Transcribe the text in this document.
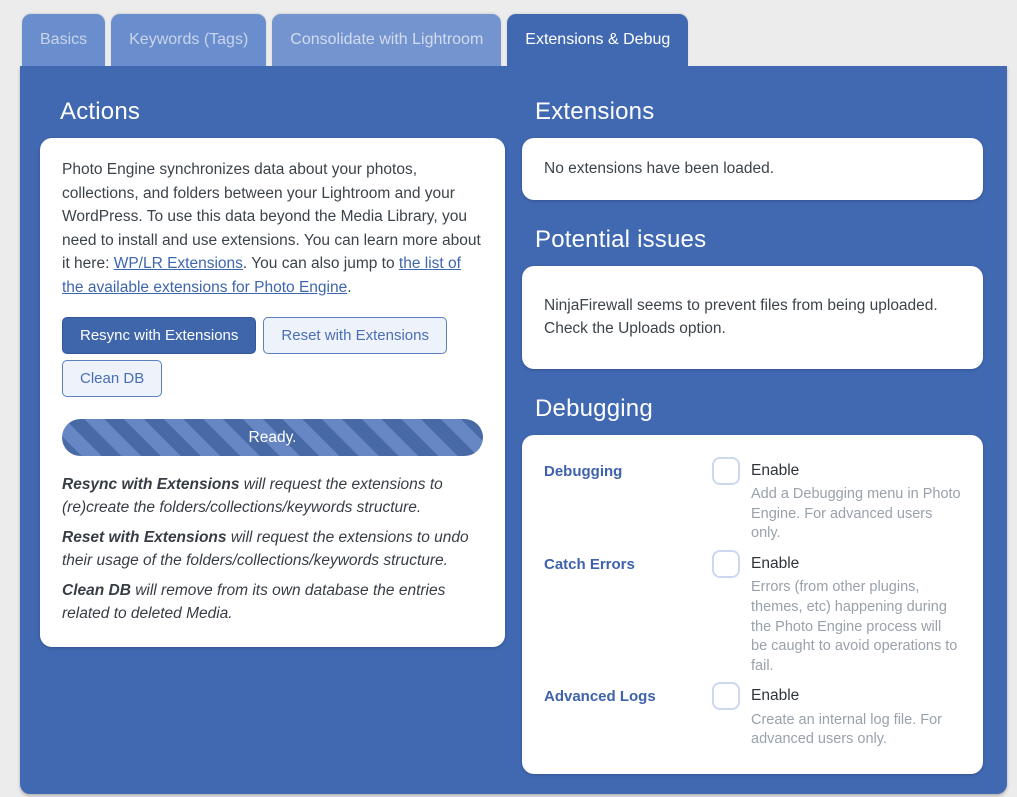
Basics	Keywords (Tags)	Consolidate with Lightroom	Extensions & Debug
Actions

Photo Engine synchronizes data about your photos, collections, and folders between your Lightroom and your WordPress. To use this data beyond the Media Library, you need to install and use extensions. You can learn more about it here: WP/LR Extensions. You can also jump to the list of the available extensions for Photo Engine.

Resync with Extensions	Reset with Extensions
Clean DB
Ready.

Resync with Extensions will request the extensions to (re)create the folders/collections/keywords structure.

Reset with Extensions will request the extensions to undo their usage of the folders/collections/keywords structure.

Clean DB will remove from its own database the entries related to deleted Media.

Extensions

No extensions have been loaded.

Potential issues

NinjaFirewall seems to prevent files from being uploaded. Check the Uploads option.

Debugging
Debugging	Enable
Add a Debugging menu in Photo Engine. For advanced users only.
Catch Errors	Enable
Errors (from other plugins, themes, etc) happening during the Photo Engine process will be caught to avoid operations to fail.
Advanced Logs	Enable
Create an internal log file. For advanced users only.
